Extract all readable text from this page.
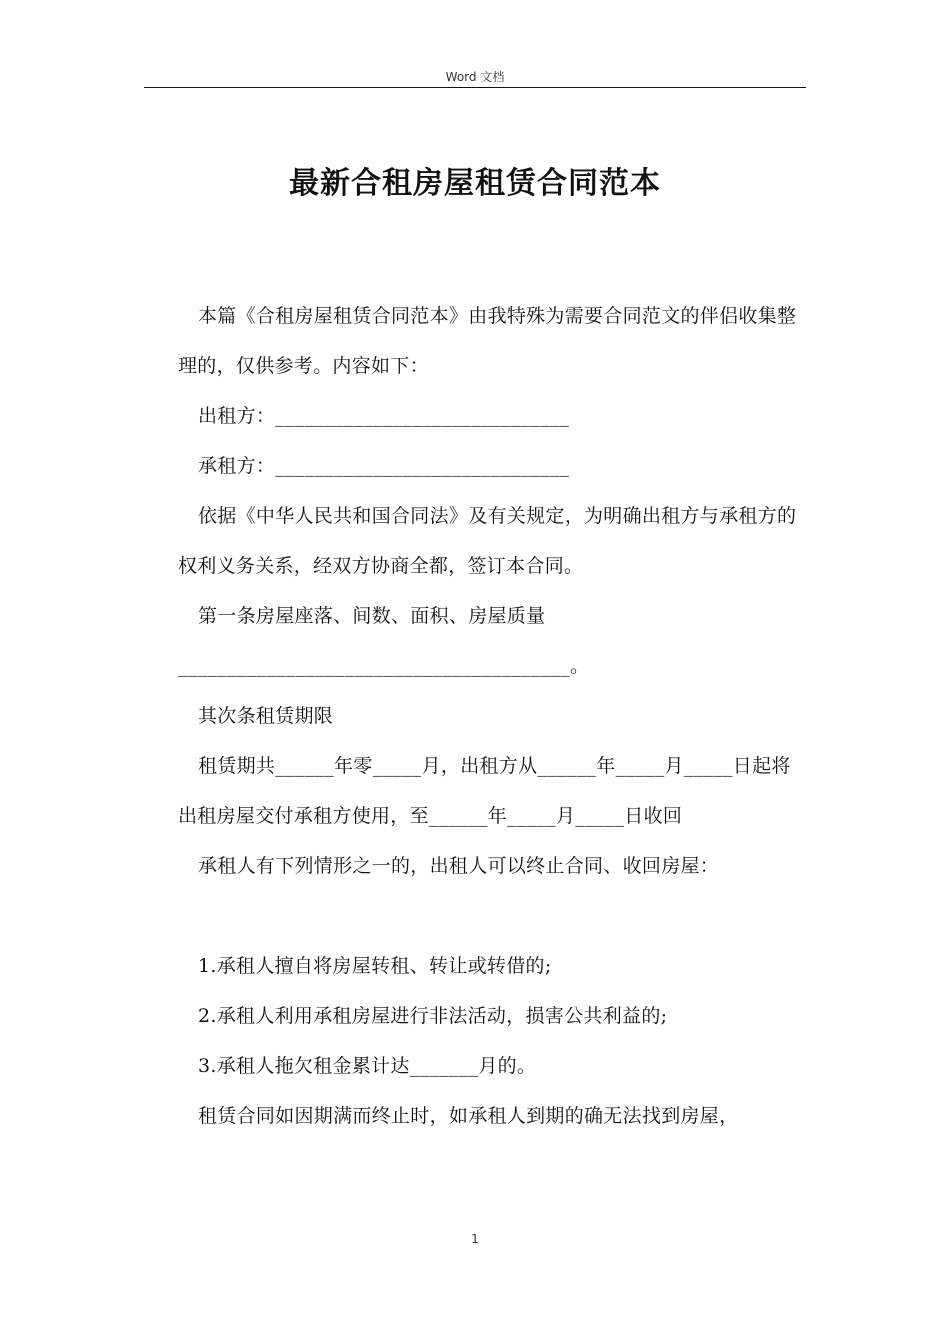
Word 文档
最新合租房屋租赁合同范本

本篇《合租房屋租赁合同范本》由我特殊为需要合同范文的伴侣收集整理的，仅供参考。内容如下：

出租方：______________________________

承租方：______________________________

依据《中华人民共和国合同法》及有关规定，为明确出租方与承租方的权利义务关系，经双方协商全都，签订本合同。

第一条房屋座落、间数、面积、房屋质量________________________________________。

其次条租赁期限

租赁期共______年零_____月，出租方从______年_____月_____日起将出租房屋交付承租方使用，至______年_____月_____日收回

承租人有下列情形之一的，出租人可以终止合同、收回房屋：

1.承租人擅自将房屋转租、转让或转借的;

2.承租人利用承租房屋进行非法活动，损害公共利益的;

3.承租人拖欠租金累计达_______月的。

租赁合同如因期满而终止时，如承租人到期的确无法找到房屋，

1
